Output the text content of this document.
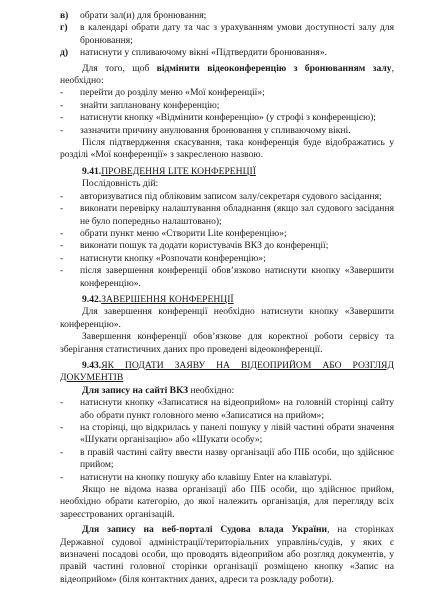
в) обрати зал(и) для бронювання;
г) в календарі обрати дату та час з урахуванням умови доступності залу для бронювання;
д) натиснути у спливаючому вікні «Підтвердити бронювання».

Для того, щоб відмінити відеоконференцію з бронюванням залу, необхідно:

- перейти до розділу меню «Мої конференції»;
- знайти заплановану конференцію;
- натиснути кнопку «Відмінити конференцію» (у строфі з конференцією);
- зазначити причину анулювання бронювання у спливаючому вікні.

Після підтвердження скасування, така конференція буде відображатись у розділі «Мої конференції» з закресленою назвою.

9.41.ПРОВЕДЕННЯ LITE КОНФЕРЕНЦІЇ

Послідовність дій:

- авторизуватися під обліковим записом залу/секретаря судового засідання;
- виконати перевірку налаштування обладнання (якщо зал судового засідання не було попередньо налаштовано);
- обрати пункт меню «Створити Lite конференцію»;
- виконати пошук та додати користувачів ВКЗ до конференції;
- натиснути кнопку «Розпочати конференцію»;
- після завершення конференції обов’язково натиснути кнопку «Завершити конференцію».

9.42.ЗАВЕРШЕННЯ КОНФЕРЕНЦІЇ

Для завершення конференції необхідно натиснути кнопку «Завершити конференцію».

Завершення конференції обов’язкове для коректної роботи сервісу та зберігання статистичних даних про проведені відеоконференції.

9.43.ЯК ПОДАТИ ЗАЯВУ НА ВІДЕОПРИЙОМ АБО РОЗГЛЯД ДОКУМЕНТІВ

Для запису на сайті ВКЗ необхідно:

- натиснути кнопку «Записатися на відеоприйом» на головній сторінці сайту або обрати пункт головного меню «Записатися на прийом»;
- на сторінці, що відкрилась у панелі пошуку у лівій частині обрати значення «Шукати організацію» або «Шукати особу»;
- в правій частині сайту ввести назву організації або ПІБ особи, що здійснює прийом;
- натиснути на кнопку пошуку або клавішу Enter на клавіатурі.

Якщо не відома назва організації або ПІБ особи, що здійснює прийом, необхідно обрати категорію, до якої належить організація, для перегляду всіх зареєстрованих організацій.

Для запису на веб-порталі Судова влада України, на сторінках Державної судової адміністрації/територіальних управлінь/судів, у яких є визначені посадові особи, що проводять відеоприйом або розгляд документів, у правій частині головної сторінки організації розміщено кнопку «Запис на відеоприйом» (біля контактних даних, адреси та розкладу роботи).
